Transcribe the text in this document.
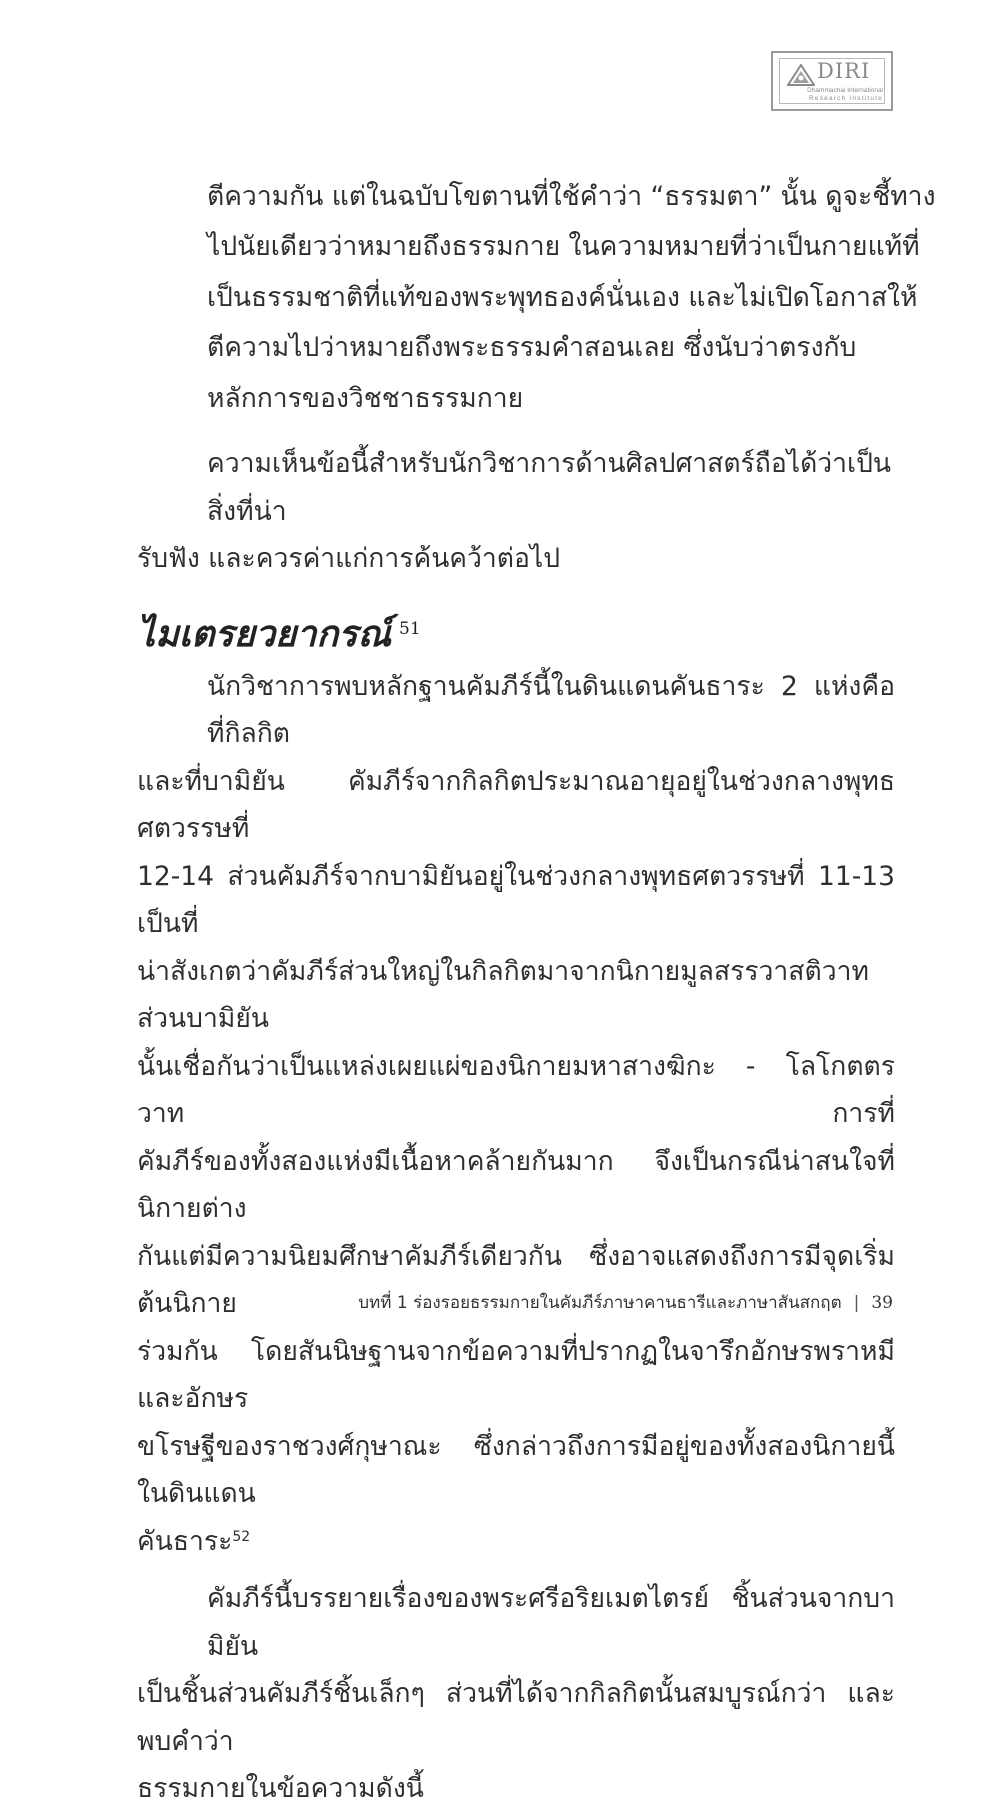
DIRI
Dhammachai International
Research Institute
ตีความกัน แต่ในฉบับโขตานที่ใช้คำว่า “ธรรมตา” นั้น ดูจะชี้ทาง
ไปนัยเดียวว่าหมายถึงธรรมกาย ในความหมายที่ว่าเป็นกายแท้ที่
เป็นธรรมชาติที่แท้ของพระพุทธองค์นั่นเอง และไม่เปิดโอกาสให้
ตีความไปว่าหมายถึงพระธรรมคำสอนเลย ซึ่งนับว่าตรงกับ
หลักการของวิชชาธรรมกาย
ความเห็นข้อนี้สำหรับนักวิชาการด้านศิลปศาสตร์ถือได้ว่าเป็นสิ่งที่น่า
รับฟัง และควรค่าแก่การค้นคว้าต่อไป
ไมเตรยวยากรณ์ $^{51}$
นักวิชาการพบหลักฐานคัมภีร์นี้ในดินแดนคันธาระ 2 แห่งคือที่กิลกิต
และที่บามิยัน คัมภีร์จากกิลกิตประมาณอายุอยู่ในช่วงกลางพุทธศตวรรษที่
12-14 ส่วนคัมภีร์จากบามิยันอยู่ในช่วงกลางพุทธศตวรรษที่ 11-13 เป็นที่
น่าสังเกตว่าคัมภีร์ส่วนใหญ่ในกิลกิตมาจากนิกายมูลสรรวาสติวาท ส่วนบามิยัน
นั้นเชื่อกันว่าเป็นแหล่งเผยแผ่ของนิกายมหาสางฆิกะ - โลโกตตรวาท การที่
คัมภีร์ของทั้งสองแห่งมีเนื้อหาคล้ายกันมาก จึงเป็นกรณีน่าสนใจที่นิกายต่าง
กันแต่มีความนิยมศึกษาคัมภีร์เดียวกัน ซึ่งอาจแสดงถึงการมีจุดเริ่มต้นนิกาย
ร่วมกัน โดยสันนิษฐานจากข้อความที่ปรากฏในจารึกอักษรพราหมีและอักษร
ขโรษฐีของราชวงศ์กุษาณะ ซึ่งกล่าวถึงการมีอยู่ของทั้งสองนิกายนี้ในดินแดน
คันธาระ$^{52}$
คัมภีร์นี้บรรยายเรื่องของพระศรีอริยเมตไตรย์ ชิ้นส่วนจากบามิยัน
เป็นชิ้นส่วนคัมภีร์ชิ้นเล็กๆ ส่วนที่ได้จากกิลกิตนั้นสมบูรณ์กว่า และพบคำว่า
ธรรมกายในข้อความดังนี้
บทที่ 1 ร่องรอยธรรมกายในคัมภีร์ภาษาคานธารีและภาษาสันสกฤต | 39
